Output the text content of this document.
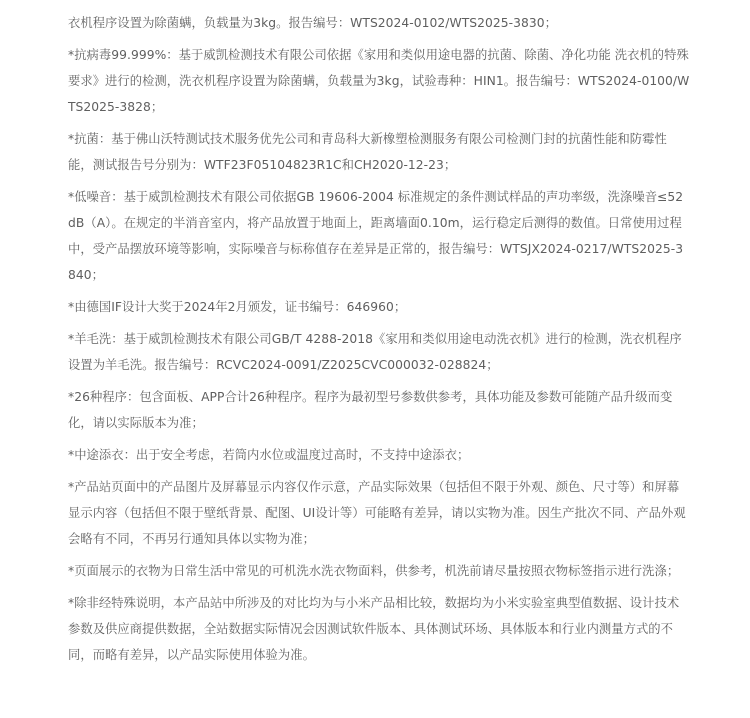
衣机程序设置为除菌螨，负载量为3kg。报告编号：WTS2024-0102/WTS2025-3830；
*抗病毒99.999%：基于威凯检测技术有限公司依据《家用和类似用途电器的抗菌、除菌、净化功能 洗衣机的特殊要求》进行的检测，洗衣机程序设置为除菌螨，负载量为3kg，试验毒种：HIN1。报告编号：WTS2024-0100/WTS2025-3828；
*抗菌：基于佛山沃特测试技术服务优先公司和青岛科大新橡塑检测服务有限公司检测门封的抗菌性能和防霉性能，测试报告号分别为：WTF23F05104823R1C和CH2020-12-23；
*低噪音：基于威凯检测技术有限公司依据GB 19606-2004 标准规定的条件测试样品的声功率级，洗涤噪音≤52dB（A）。在规定的半消音室内，将产品放置于地面上，距离墙面0.10m，运行稳定后测得的数值。日常使用过程中，受产品摆放环境等影响，实际噪音与标称值存在差异是正常的，报告编号：WTSJX2024-0217/WTS2025-3840；
*由德国IF设计大奖于2024年2月颁发，证书编号：646960；
*羊毛洗：基于威凯检测技术有限公司GB/T 4288-2018《家用和类似用途电动洗衣机》进行的检测，洗衣机程序设置为羊毛洗。报告编号：RCVC2024-0091/Z2025CVC000032-028824；
*26种程序：包含面板、APP合计26种程序。程序为最初型号参数供参考，具体功能及参数可能随产品升级而变化，请以实际版本为准；
*中途添衣：出于安全考虑，若筒内水位或温度过高时，不支持中途添衣；
*产品站页面中的产品图片及屏幕显示内容仅作示意，产品实际效果（包括但不限于外观、颜色、尺寸等）和屏幕显示内容（包括但不限于壁纸背景、配图、UI设计等）可能略有差异，请以实物为准。因生产批次不同、产品外观会略有不同，不再另行通知具体以实物为准；
*页面展示的衣物为日常生活中常见的可机洗水洗衣物面料，供参考，机洗前请尽量按照衣物标签指示进行洗涤；
*除非经特殊说明，本产品站中所涉及的对比均为与小米产品相比较，数据均为小米实验室典型值数据、设计技术参数及供应商提供数据，全站数据实际情况会因测试软件版本、具体测试环场、具体版本和行业内测量方式的不同，而略有差异，以产品实际使用体验为准。
